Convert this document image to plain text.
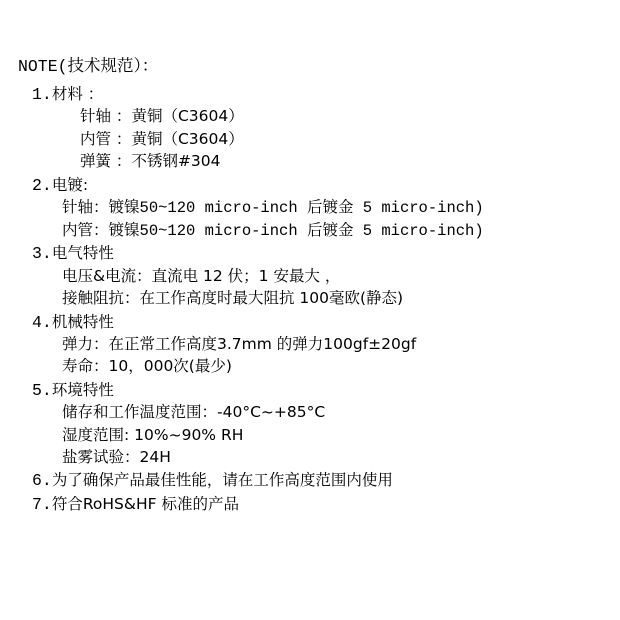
NOTE(技术规范）：
1.材料 ：
针轴 ：黄铜（C3604）
内管 ：黄铜（C3604）
弹簧 ：不锈钢#304
2.电镀:
针轴：镀镍50~120 micro-inch 后镀金 5 micro-inch)
内管：镀镍50~120 micro-inch 后镀金 5 micro-inch)
3.电气特性
电压&电流：直流电 12 伏；1 安最大 ，
接触阻抗：在工作高度时最大阻抗 100毫欧(静态)
4.机械特性
弹力：在正常工作高度3.7mm 的弹力100gf±20gf
寿命：10，000次(最少)
5.环境特性
储存和工作温度范围：-40°C~+85°C
湿度范围: 10%~90% RH
盐雾试验：24H
6.为了确保产品最佳性能，请在工作高度范围内使用
7.符合RoHS&HF 标准的产品
